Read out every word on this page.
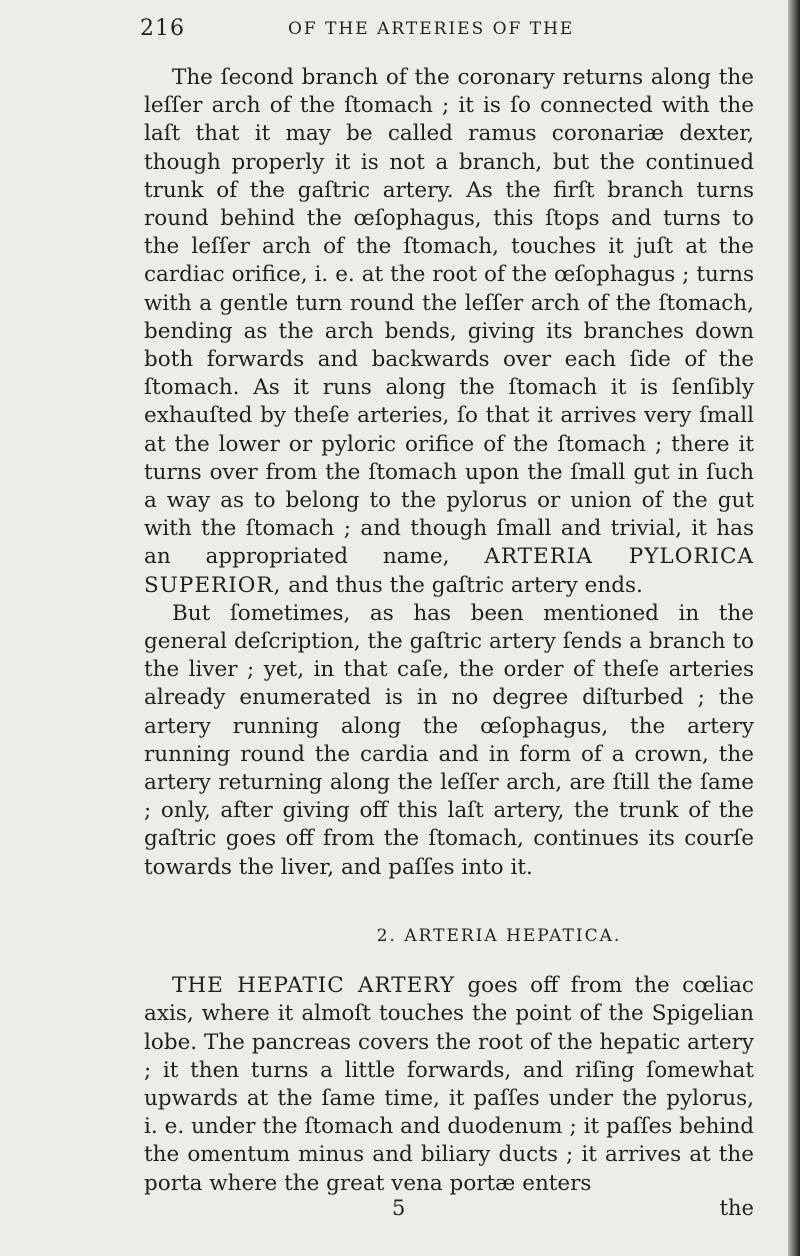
216	OF THE ARTERIES OF THE

The ſecond branch of the coronary returns along the leſſer arch of the ſtomach ; it is ſo connected with the laſt that it may be called ramus coronariæ dexter, though properly it is not a branch, but the continued trunk of the gaſtric artery. As the firſt branch turns round behind the œſophagus, this ſtops and turns to the leſſer arch of the ſtomach, touches it juſt at the cardiac orifice, i. e. at the root of the œſophagus ; turns with a gentle turn round the leſſer arch of the ſtomach, bending as the arch bends, giving its branches down both forwards and backwards over each ſide of the ſtomach. As it runs along the ſtomach it is ſenſibly exhauſted by theſe arteries, ſo that it arrives very ſmall at the lower or pyloric orifice of the ſtomach ; there it turns over from the ſtomach upon the ſmall gut in ſuch a way as to belong to the pylorus or union of the gut with the ſtomach ; and though ſmall and trivial, it has an appropriated name, ARTERIA PYLORICA SUPERIOR, and thus the gaſtric artery ends.

But ſometimes, as has been mentioned in the general deſcription, the gaſtric artery ſends a branch to the liver ; yet, in that caſe, the order of theſe arteries already enumerated is in no degree diſturbed ; the artery running along the œſophagus, the artery running round the cardia and in form of a crown, the artery returning along the leſſer arch, are ſtill the ſame ; only, after giving off this laſt artery, the trunk of the gaſtric goes off from the ſtomach, continues its courſe towards the liver, and paſſes into it.

2. ARTERIA HEPATICA.

THE HEPATIC ARTERY goes off from the cœliac axis, where it almoſt touches the point of the Spigelian lobe. The pancreas covers the root of the hepatic artery ; it then turns a little forwards, and riſing ſomewhat upwards at the ſame time, it paſſes under the pylorus, i. e. under the ſtomach and duodenum ; it paſſes behind the omentum minus and biliary ducts ; it arrives at the porta where the great vena portæ enters

5	the
